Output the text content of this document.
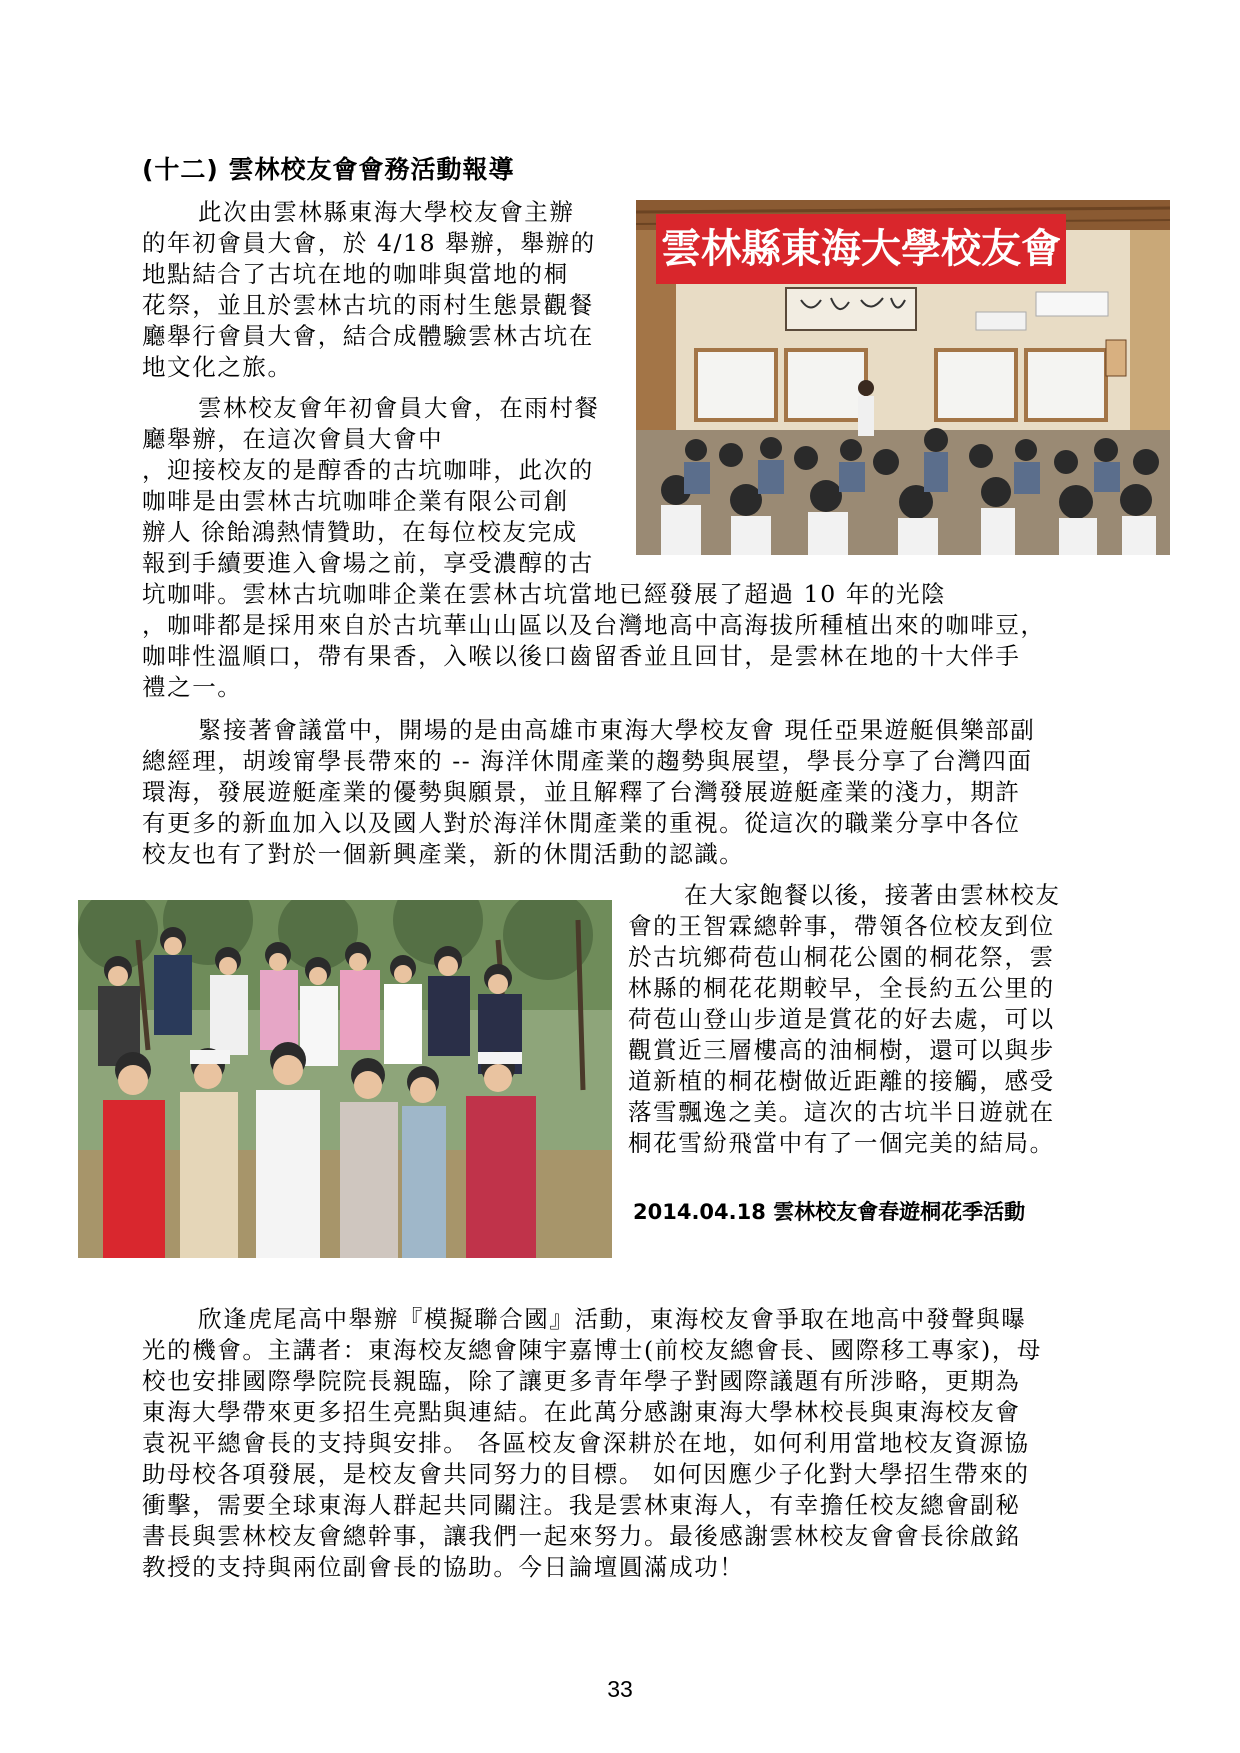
(十二) 雲林校友會會務活動報導
此次由雲林縣東海大學校友會主辦
的年初會員大會，於 4/18 舉辦，舉辦的
地點結合了古坑在地的咖啡與當地的桐
花祭，並且於雲林古坑的雨村生態景觀餐
廳舉行會員大會，結合成體驗雲林古坑在
地文化之旅。
雲林校友會年初會員大會，在雨村餐
廳舉辦，在這次會員大會中
，迎接校友的是醇香的古坑咖啡，此次的
咖啡是由雲林古坑咖啡企業有限公司創
辦人 徐飴鴻熱情贊助，在每位校友完成
報到手續要進入會場之前，享受濃醇的古
坑咖啡。雲林古坑咖啡企業在雲林古坑當地已經發展了超過 10 年的光陰
，咖啡都是採用來自於古坑華山山區以及台灣地高中高海拔所種植出來的咖啡豆，
咖啡性溫順口，帶有果香，入喉以後口齒留香並且回甘，是雲林在地的十大伴手
禮之一。
緊接著會議當中，開場的是由高雄市東海大學校友會 現任亞果遊艇俱樂部副
總經理，胡竣甯學長帶來的 -- 海洋休閒產業的趨勢與展望，學長分享了台灣四面
環海，發展遊艇產業的優勢與願景，並且解釋了台灣發展遊艇產業的淺力，期許
有更多的新血加入以及國人對於海洋休閒產業的重視。從這次的職業分享中各位
校友也有了對於一個新興產業，新的休閒活動的認識。
在大家飽餐以後，接著由雲林校友
會的王智霖總幹事，帶領各位校友到位
於古坑鄉荷苞山桐花公園的桐花祭，雲
林縣的桐花花期較早，全長約五公里的
荷苞山登山步道是賞花的好去處，可以
觀賞近三層樓高的油桐樹，還可以與步
道新植的桐花樹做近距離的接觸，感受
落雪飄逸之美。這次的古坑半日遊就在
桐花雪紛飛當中有了一個完美的結局。
雲林縣東海大學校友會
2014.04.18 雲林校友會春遊桐花季活動
欣逢虎尾高中舉辦『模擬聯合國』活動，東海校友會爭取在地高中發聲與曝
光的機會。主講者：東海校友總會陳宇嘉博士(前校友總會長、國際移工專家)，母
校也安排國際學院院長親臨，除了讓更多青年學子對國際議題有所涉略，更期為
東海大學帶來更多招生亮點與連結。在此萬分感謝東海大學林校長與東海校友會
袁祝平總會長的支持與安排。 各區校友會深耕於在地，如何利用當地校友資源協
助母校各項發展，是校友會共同努力的目標。 如何因應少子化對大學招生帶來的
衝擊，需要全球東海人群起共同關注。我是雲林東海人，有幸擔任校友總會副秘
書長與雲林校友會總幹事，讓我們一起來努力。最後感謝雲林校友會會長徐啟銘
教授的支持與兩位副會長的協助。今日論壇圓滿成功！
33
